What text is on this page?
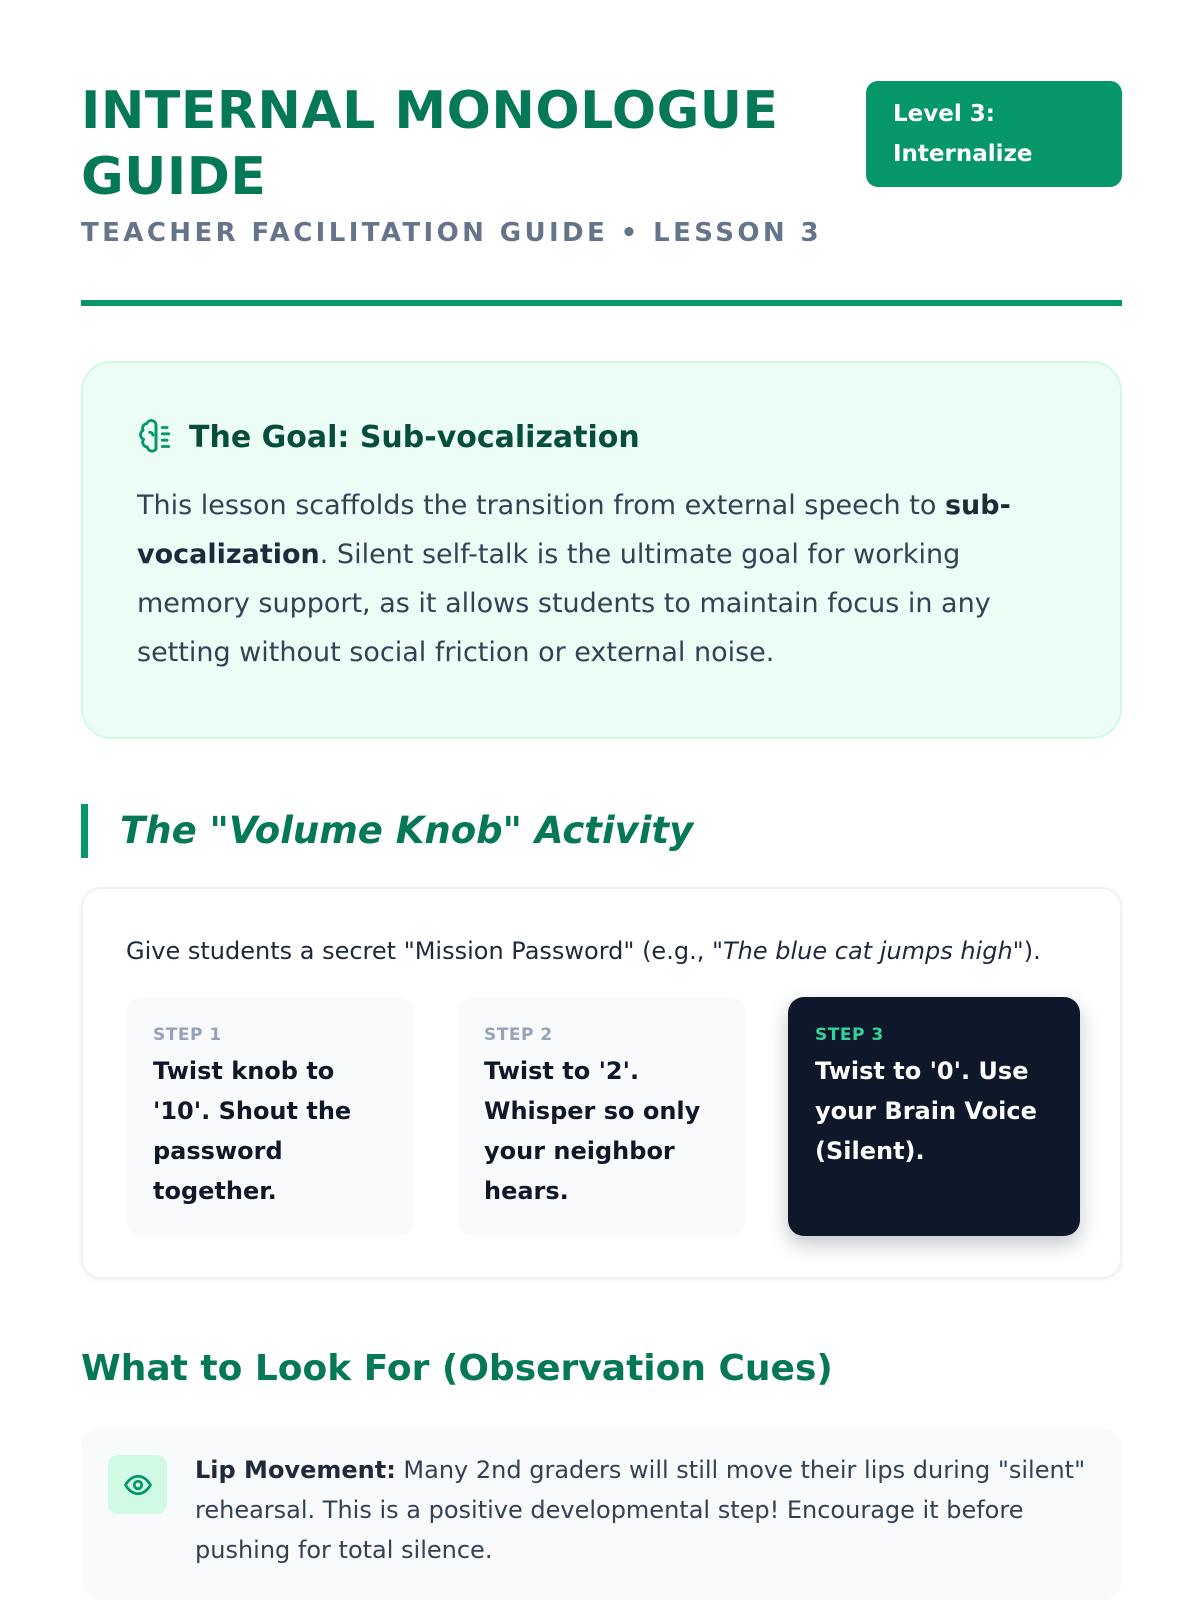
INTERNAL MONOLOGUE GUIDE
TEACHER FACILITATION GUIDE • LESSON 3
Level 3: Internalize
The Goal: Sub-vocalization

This lesson scaffolds the transition from external speech to sub-vocalization. Silent self-talk is the ultimate goal for working memory support, as it allows students to maintain focus in any setting without social friction or external noise.

The "Volume Knob" Activity

Give students a secret "Mission Password" (e.g., "The blue cat jumps high").

STEP 1
Twist knob to '10'. Shout the password together.
STEP 2
Twist to '2'. Whisper so only your neighbor hears.
STEP 3
Twist to '0'. Use your Brain Voice (Silent).
What to Look For (Observation Cues)

Lip Movement: Many 2nd graders will still move their lips during "silent" rehearsal. This is a positive developmental step! Encourage it before pushing for total silence.
